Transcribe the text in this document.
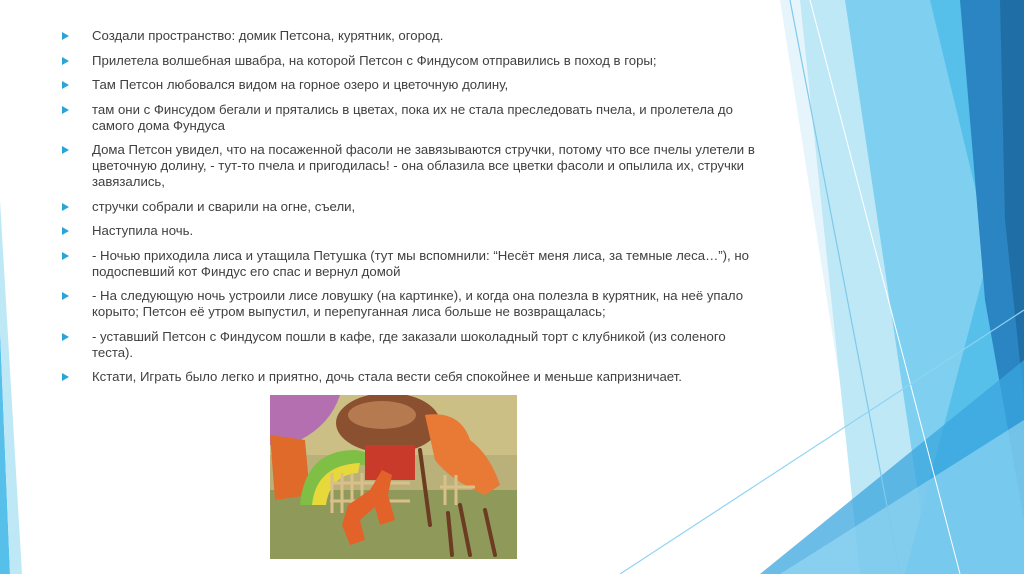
Создали пространство: домик Петсона, курятник, огород.
Прилетела волшебная швабра, на которой Петсон с Финдусом отправились в поход в горы;
Там Петсон любовался видом на горное озеро и цветочную долину,
там они с Финсудом бегали и прятались в цветах, пока их не стала преследовать пчела, и пролетела до самого дома Фундуса
Дома Петсон увидел, что на посаженной фасоли не завязываются стручки, потому что все пчелы улетели в цветочную долину, - тут-то пчела и пригодилась! - она облазила все цветки фасоли и опылила их, стручки завязались,
стручки собрали и сварили на огне, съели,
Наступила ночь.
- Ночью приходила лиса и утащила Петушка (тут мы вспомнили: “Несёт меня лиса, за темные леса…”), но подоспевший кот Финдус его спас и вернул домой
- На следующую ночь устроили лисе ловушку (на картинке), и когда она полезла в курятник, на неё упало корыто; Петсон её утром выпустил, и перепуганная лиса больше не возвращалась;
- уставший Петсон с Финдусом пошли в кафе, где заказали шоколадный торт с клубникой (из соленого теста).
Кстати, Играть было легко и приятно, дочь стала вести себя спокойнее и меньше капризничает.
